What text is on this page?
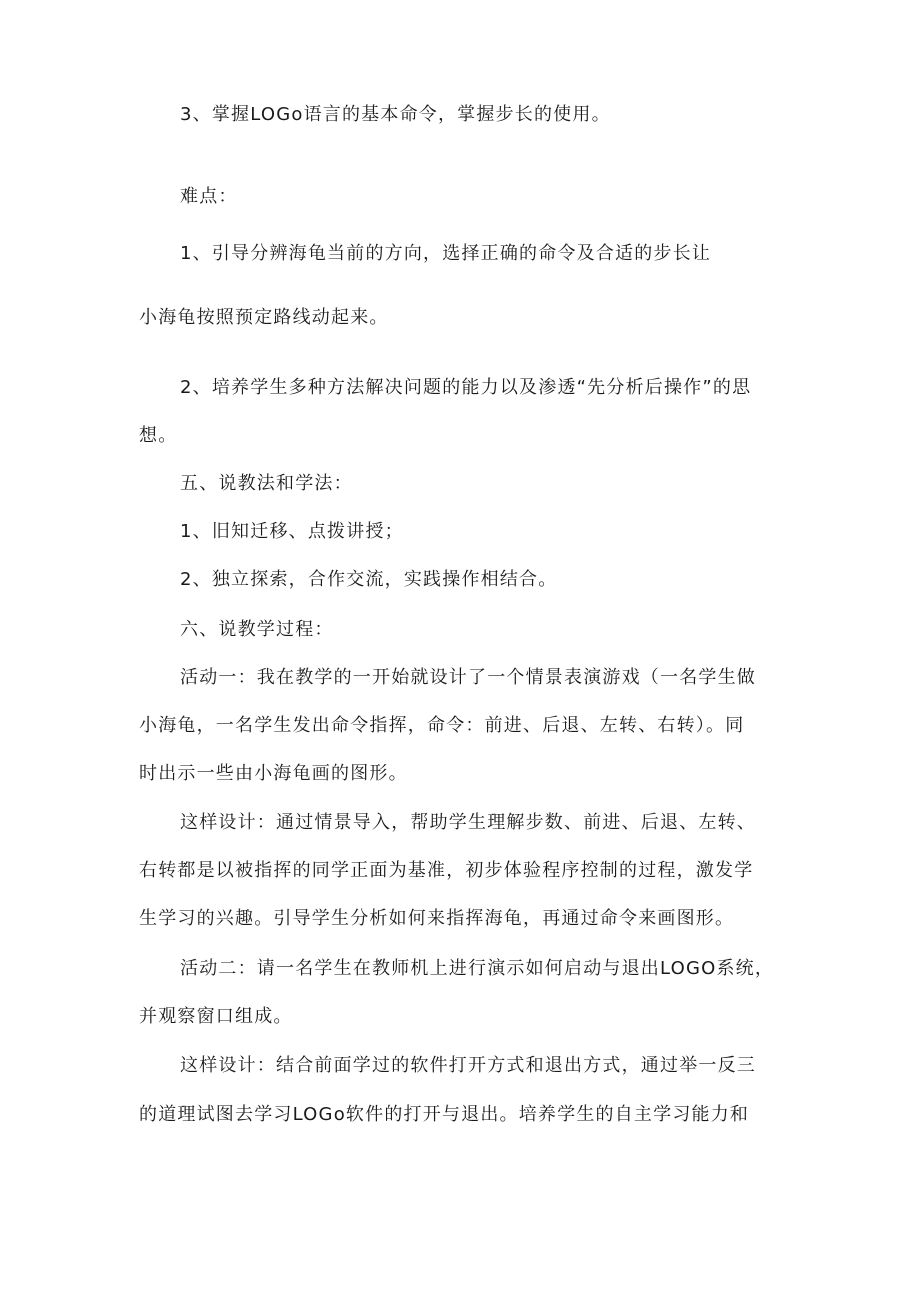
3、掌握LOGo语言的基本命令，掌握步长的使用。
难点：
1、引导分辨海龟当前的方向，选择正确的命令及合适的步长让
小海龟按照预定路线动起来。
2、培养学生多种方法解决问题的能力以及渗透“先分析后操作”的思
想。
五、说教法和学法：
1、旧知迁移、点拨讲授；
2、独立探索，合作交流，实践操作相结合。
六、说教学过程：
活动一：我在教学的一开始就设计了一个情景表演游戏（一名学生做
小海龟，一名学生发出命令指挥，命令：前进、后退、左转、右转）。同
时出示一些由小海龟画的图形。
这样设计：通过情景导入，帮助学生理解步数、前进、后退、左转、
右转都是以被指挥的同学正面为基准，初步体验程序控制的过程，激发学
生学习的兴趣。引导学生分析如何来指挥海龟，再通过命令来画图形。
活动二：请一名学生在教师机上进行演示如何启动与退出LOGO系统，
并观察窗口组成。
这样设计：结合前面学过的软件打开方式和退出方式，通过举一反三
的道理试图去学习LOGo软件的打开与退出。培养学生的自主学习能力和
